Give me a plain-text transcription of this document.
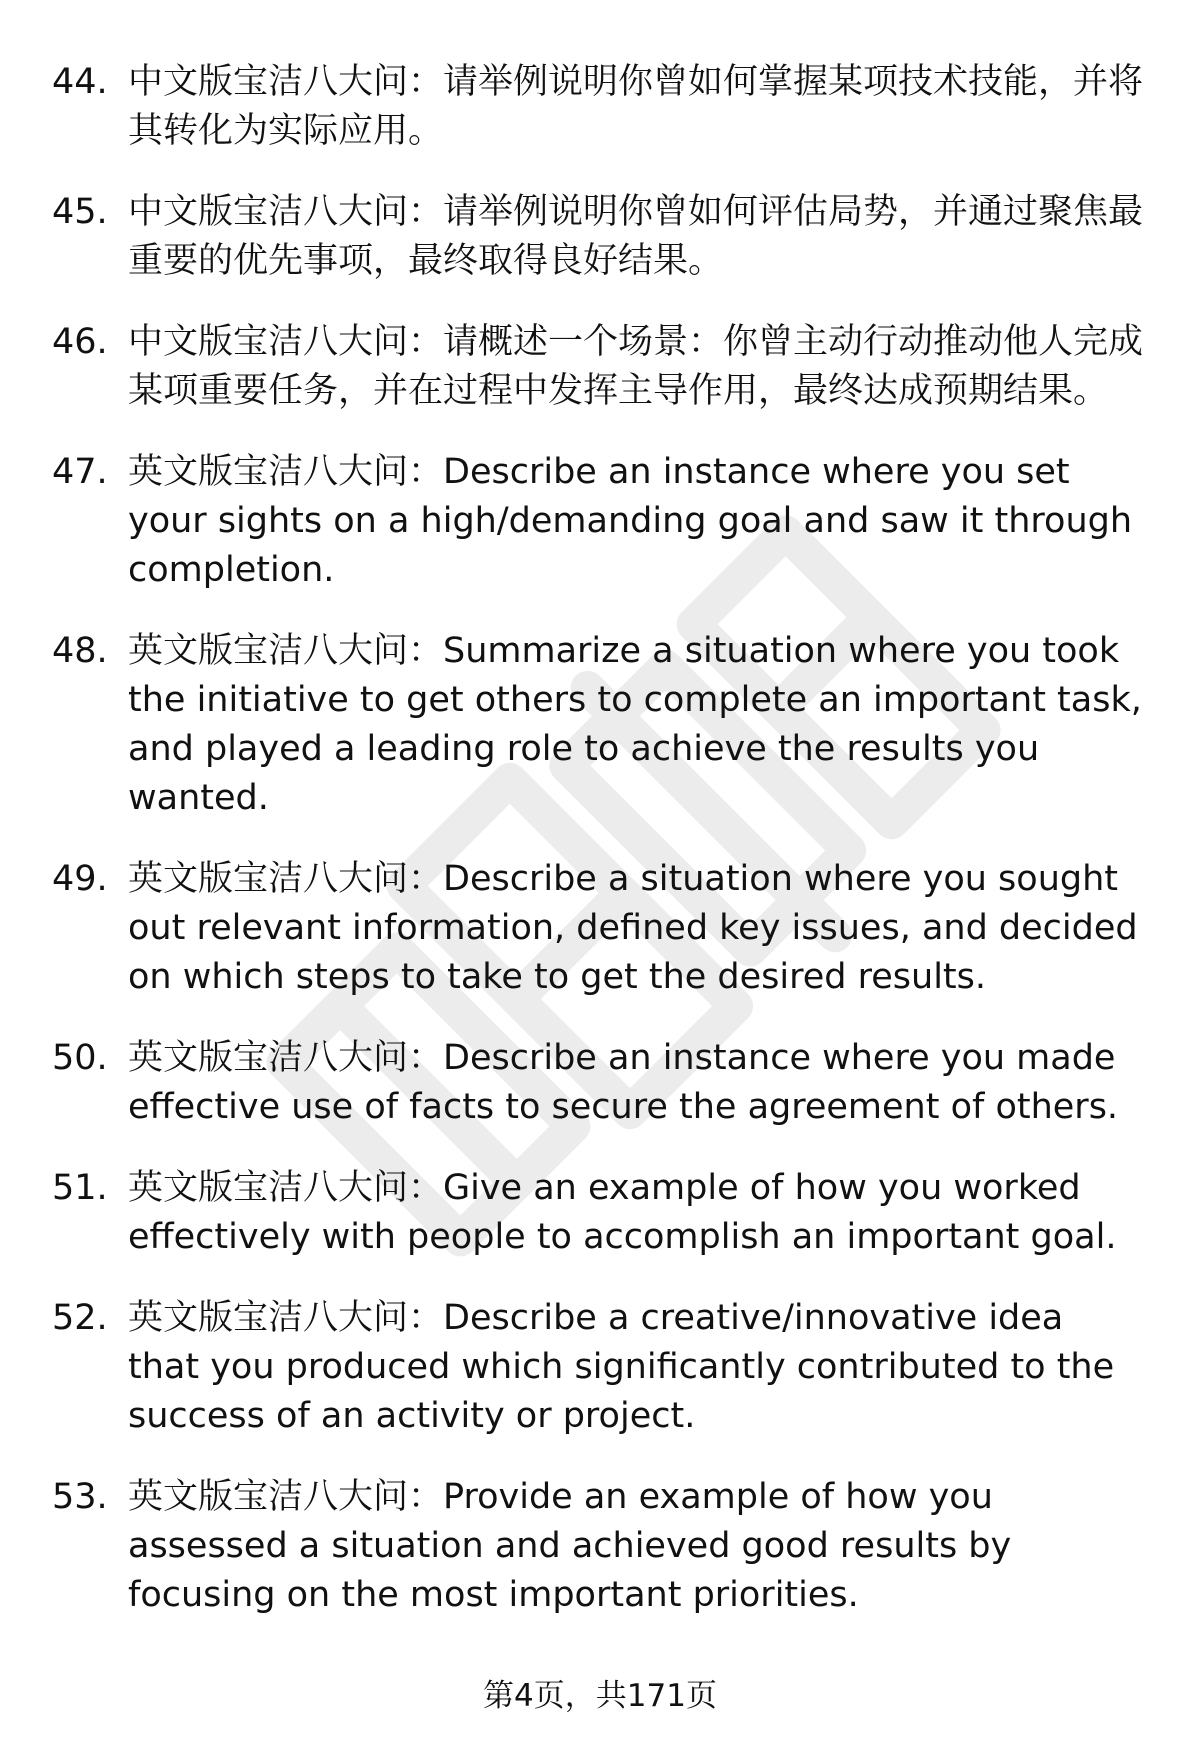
44. 中文版宝洁八大问：请举例说明你曾如何掌握某项技术技能，并将其转化为实际应用。
45. 中文版宝洁八大问：请举例说明你曾如何评估局势，并通过聚焦最重要的优先事项，最终取得良好结果。
46. 中文版宝洁八大问：请概述一个场景：你曾主动行动推动他人完成某项重要任务，并在过程中发挥主导作用，最终达成预期结果。
47. 英文版宝洁八大问：Describe an instance where you set your sights on a high/demanding goal and saw it through completion.
48. 英文版宝洁八大问：Summarize a situation where you took the initiative to get others to complete an important task, and played a leading role to achieve the results you wanted.
49. 英文版宝洁八大问：Describe a situation where you sought out relevant information, defined key issues, and decided on which steps to take to get the desired results.
50. 英文版宝洁八大问：Describe an instance where you made effective use of facts to secure the agreement of others.
51. 英文版宝洁八大问：Give an example of how you worked effectively with people to accomplish an important goal.
52. 英文版宝洁八大问：Describe a creative/innovative idea that you produced which significantly contributed to the success of an activity or project.
53. 英文版宝洁八大问：Provide an example of how you assessed a situation and achieved good results by focusing on the most important priorities.
第4页，共171页
